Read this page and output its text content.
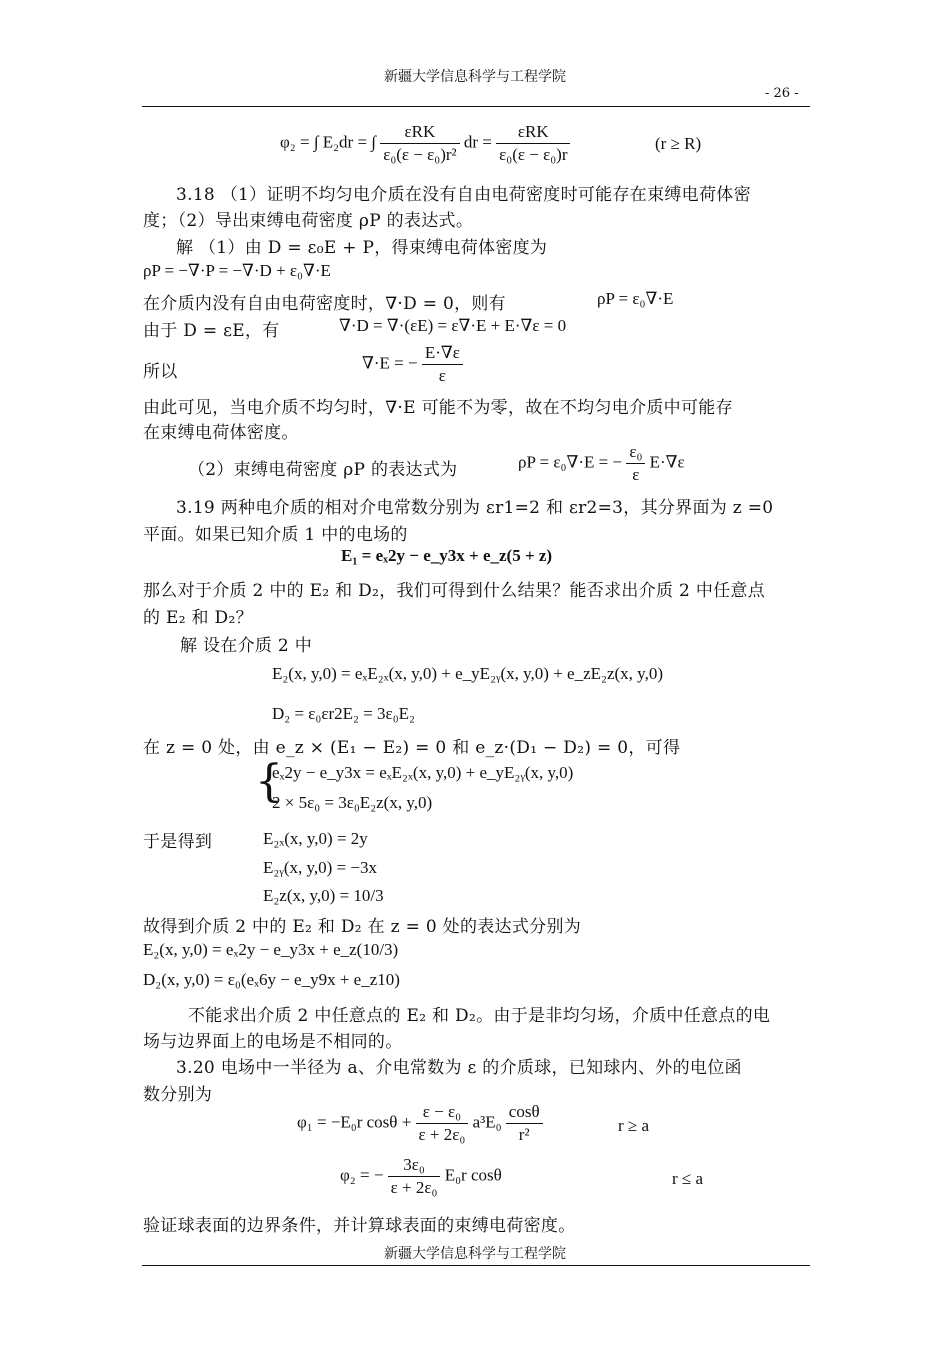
新疆大学信息科学与工程学院
- 26 -
φ₂ = ∫ E₂dr = ∫ $\frac{\text{εRK}}{\text{ε₀(ε − ε₀)r²}}$ dr = $\frac{\text{εRK}}{\text{ε₀(ε − ε₀)r}}$	(r ≥ R)
3.18 （1）证明不均匀电介质在没有自由电荷密度时可能存在束缚电荷体密
度；（2）导出束缚电荷密度 ρP 的表达式。
解 （1）由 D = ε₀E + P，得束缚电荷体密度为
ρP = −∇·P = −∇·D + ε₀∇·E
在介质内没有自由电荷密度时，∇·D = 0，则有	ρP = ε₀∇·E
由于 D = εE，有	∇·D = ∇·(εE) = ε∇·E + E·∇ε = 0
所以	∇·E = − $\frac{E\cdot\nabla\varepsilon}{\varepsilon}$
由此可见，当电介质不均匀时，∇·E 可能不为零，故在不均匀电介质中可能存
在束缚电荷体密度。
（2）束缚电荷密度 ρP 的表达式为	ρP = ε₀∇·E = − $\frac{\text{ε₀}}{\varepsilon} E\cdot\nabla\varepsilon$
3.19 两种电介质的相对介电常数分别为 εr1=2 和 εr2=3，其分界面为 z =0
平面。如果已知介质 1 中的电场的
E₁ = eₓ2y − e_y3x + e_z(5 + z)
那么对于介质 2 中的 E₂ 和 D₂，我们可得到什么结果？能否求出介质 2 中任意点
的 E₂ 和 D₂？
解 设在介质 2 中
E₂(x, y,0) = eₓE₂ₓ(x, y,0) + e_yE₂ᵧ(x, y,0) + e_zE₂z(x, y,0)
D₂ = ε₀εr2E₂ = 3ε₀E₂
在 z = 0 处，由 e_z × (E₁ − E₂) = 0 和 e_z·(D₁ − D₂) = 0，可得
{
eₓ2y − e_y3x = eₓE₂ₓ(x, y,0) + e_yE₂ᵧ(x, y,0)
2 × 5ε₀ = 3ε₀E₂z(x, y,0)
于是得到	E₂ₓ(x, y,0) = 2y
E₂ᵧ(x, y,0) = −3x
E₂z(x, y,0) = 10/3
故得到介质 2 中的 E₂ 和 D₂ 在 z = 0 处的表达式分别为
E₂(x, y,0) = eₓ2y − e_y3x + e_z(10/3)
D₂(x, y,0) = ε₀(eₓ6y − e_y9x + e_z10)
不能求出介质 2 中任意点的 E₂ 和 D₂。由于是非均匀场，介质中任意点的电
场与边界面上的电场是不相同的。
3.20 电场中一半径为 a、介电常数为 ε 的介质球，已知球内、外的电位函
数分别为
φ₁ = −E₀r $\cos\theta + \frac{\text{ε − ε₀}}{\text{ε + 2ε₀}} a^3E_0 \frac{\cos\theta}{\text{r²}}$	r ≥ a
φ₂ = − $\frac{\text{3ε₀}}{\text{ε + 2ε₀}} E_0r$ cosθ	r ≤ a
验证球表面的边界条件，并计算球表面的束缚电荷密度。
新疆大学信息科学与工程学院
